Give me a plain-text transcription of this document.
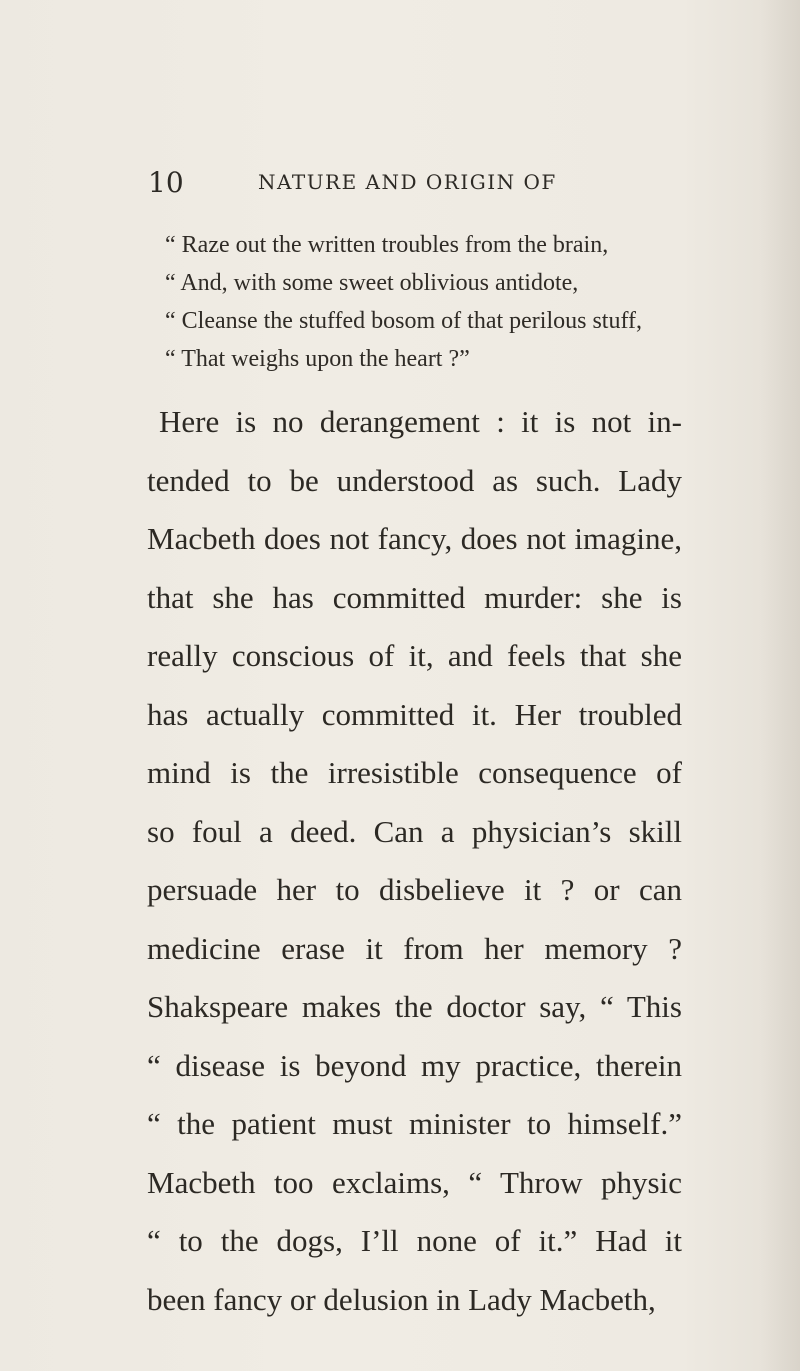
10	NATURE AND ORIGIN OF
“ Raze out the written troubles from the brain,
“ And, with some sweet oblivious antidote,
“ Cleanse the stuffed bosom of that perilous stuff,
“ That weighs upon the heart ?”
Here is no derangement : it is not in-
tended to be understood as such. Lady
Macbeth does not fancy, does not imagine,
that she has committed murder: she is
really conscious of it, and feels that she
has actually committed it. Her troubled
mind is the irresistible consequence of
so foul a deed. Can a physician’s skill
persuade her to disbelieve it ? or can
medicine erase it from her memory ?
Shakspeare makes the doctor say, “ This
“ disease is beyond my practice, therein
“ the patient must minister to himself.”
Macbeth too exclaims, “ Throw physic
“ to the dogs, I’ll none of it.” Had it
been fancy or delusion in Lady Macbeth,
